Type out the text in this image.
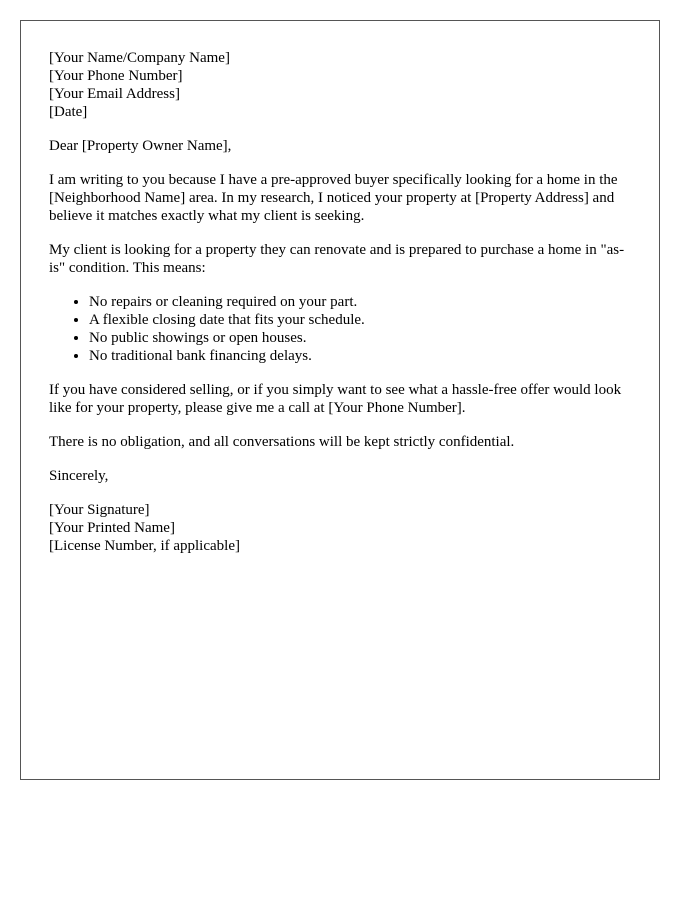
[Your Name/Company Name]
[Your Phone Number]
[Your Email Address]
[Date]

Dear [Property Owner Name],

I am writing to you because I have a pre-approved buyer specifically looking for a home in the [Neighborhood Name] area. In my research, I noticed your property at [Property Address] and believe it matches exactly what my client is seeking.

My client is looking for a property they can renovate and is prepared to purchase a home in "as-is" condition. This means:

• No repairs or cleaning required on your part.
• A flexible closing date that fits your schedule.
• No public showings or open houses.
• No traditional bank financing delays.

If you have considered selling, or if you simply want to see what a hassle-free offer would look like for your property, please give me a call at [Your Phone Number].

There is no obligation, and all conversations will be kept strictly confidential.

Sincerely,

[Your Signature]
[Your Printed Name]
[License Number, if applicable]
